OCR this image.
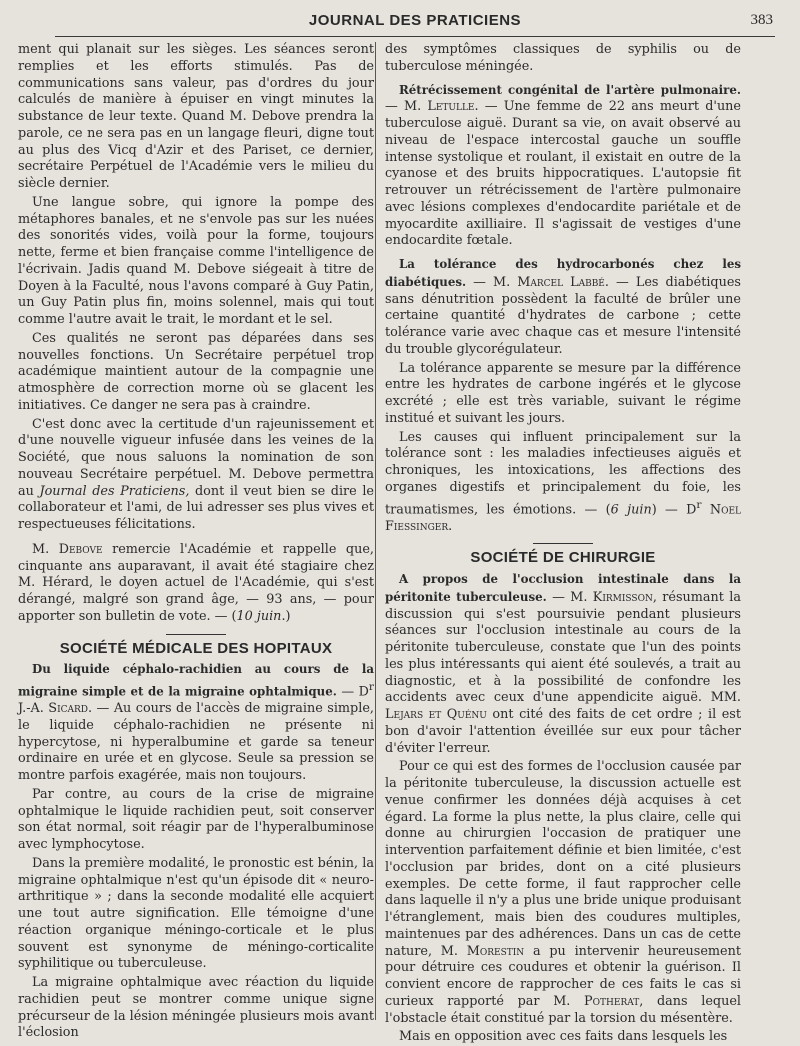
JOURNAL DES PRATICIENS	383

ment qui planait sur les sièges. Les séances seront remplies et les efforts stimulés. Pas de communications sans valeur, pas d'ordres du jour calculés de manière à épuiser en vingt minutes la substance de leur texte. Quand M. Debove prendra la parole, ce ne sera pas en un langage fleuri, digne tout au plus des Vicq d'Azir et des Pariset, ce dernier, secrétaire Perpétuel de l'Académie vers le milieu du siècle dernier.

Une langue sobre, qui ignore la pompe des métaphores banales, et ne s'envole pas sur les nuées des sonorités vides, voilà pour la forme, toujours nette, ferme et bien française comme l'intelligence de l'écrivain. Jadis quand M. Debove siégeait à titre de Doyen à la Faculté, nous l'avons comparé à Guy Patin, un Guy Patin plus fin, moins solennel, mais qui tout comme l'autre avait le trait, le mordant et le sel.

Ces qualités ne seront pas déparées dans ses nouvelles fonctions. Un Secrétaire perpétuel trop académique maintient autour de la compagnie une atmosphère de correction morne où se glacent les initiatives. Ce danger ne sera pas à craindre.

C'est donc avec la certitude d'un rajeunissement et d'une nouvelle vigueur infusée dans les veines de la Société, que nous saluons la nomination de son nouveau Secrétaire perpétuel. M. Debove permettra au Journal des Praticiens, dont il veut bien se dire le collaborateur et l'ami, de lui adresser ses plus vives et respectueuses félicitations.

M. Debove remercie l'Académie et rappelle que, cinquante ans auparavant, il avait été stagiaire chez M. Hérard, le doyen actuel de l'Académie, qui s'est dérangé, malgré son grand âge, — 93 ans, — pour apporter son bulletin de vote. — (10 juin.)

SOCIÉTÉ MÉDICALE DES HOPITAUX

Du liquide céphalo-rachidien au cours de la migraine simple et de la migraine ophtalmique. — $D^r$ J.-A. Sicard. — Au cours de l'accès de migraine simple, le liquide céphalo-rachidien ne présente ni hypercytose, ni hyperalbumine et garde sa teneur ordinaire en urée et en glycose. Seule sa pression se montre parfois exagérée, mais non toujours.

Par contre, au cours de la crise de migraine ophtalmique le liquide rachidien peut, soit conserver son état normal, soit réagir par de l'hyperalbuminose avec lymphocytose.

Dans la première modalité, le pronostic est bénin, la migraine ophtalmique n'est qu'un épisode dit « neuro-arthritique » ; dans la seconde modalité elle acquiert une tout autre signification. Elle témoigne d'une réaction organique méningo-corticale et le plus souvent est synonyme de méningo-corticalite syphilitique ou tuberculeuse.

La migraine ophtalmique avec réaction du liquide rachidien peut se montrer comme unique signe précurseur de la lésion méningée plusieurs mois avant l'éclosion

des symptômes classiques de syphilis ou de tuberculose méningée.

Rétrécissement congénital de l'artère pulmonaire. — M. Letulle. — Une femme de 22 ans meurt d'une tuberculose aiguë. Durant sa vie, on avait observé au niveau de l'espace intercostal gauche un souffle intense systolique et roulant, il existait en outre de la cyanose et des bruits hippocratiques. L'autopsie fit retrouver un rétrécissement de l'artère pulmonaire avec lésions complexes d'endocardite pariétale et de myocardite axilliaire. Il s'agissait de vestiges d'une endocardite fœtale.

La tolérance des hydrocarbonés chez les diabétiques. — M. Marcel Labbé. — Les diabétiques sans dénutrition possèdent la faculté de brûler une certaine quantité d'hydrates de carbone ; cette tolérance varie avec chaque cas et mesure l'intensité du trouble glycorégulateur.

La tolérance apparente se mesure par la différence entre les hydrates de carbone ingérés et le glycose excrété ; elle est très variable, suivant le régime institué et suivant les jours.

Les causes qui influent principalement sur la tolérance sont : les maladies infectieuses aiguës et chroniques, les intoxications, les affections des organes digestifs et principalement du foie, les traumatismes, les émotions. — (6 juin) — $D^r$ Noel Fiessinger.

SOCIÉTÉ DE CHIRURGIE

A propos de l'occlusion intestinale dans la péritonite tuberculeuse. — M. Kirmisson, résumant la discussion qui s'est poursuivie pendant plusieurs séances sur l'occlusion intestinale au cours de la péritonite tuberculeuse, constate que l'un des points les plus intéressants qui aient été soulevés, a trait au diagnostic, et à la possibilité de confondre les accidents avec ceux d'une appendicite aiguë. MM. Lejars et Quénu ont cité des faits de cet ordre ; il est bon d'avoir l'attention éveillée sur eux pour tâcher d'éviter l'erreur.

Pour ce qui est des formes de l'occlusion causée par la péritonite tuberculeuse, la discussion actuelle est venue confirmer les données déjà acquises à cet égard. La forme la plus nette, la plus claire, celle qui donne au chirurgien l'occasion de pratiquer une intervention parfaitement définie et bien limitée, c'est l'occlusion par brides, dont on a cité plusieurs exemples. De cette forme, il faut rapprocher celle dans laquelle il n'y a plus une bride unique produisant l'étranglement, mais bien des coudures multiples, maintenues par des adhérences. Dans un cas de cette nature, M. Morestin a pu intervenir heureusement pour détruire ces coudures et obtenir la guérison. Il convient encore de rapprocher de ces faits le cas si curieux rapporté par M. Potherat, dans lequel l'obstacle était constitué par la torsion du mésentère.

Mais en opposition avec ces faits dans lesquels les
